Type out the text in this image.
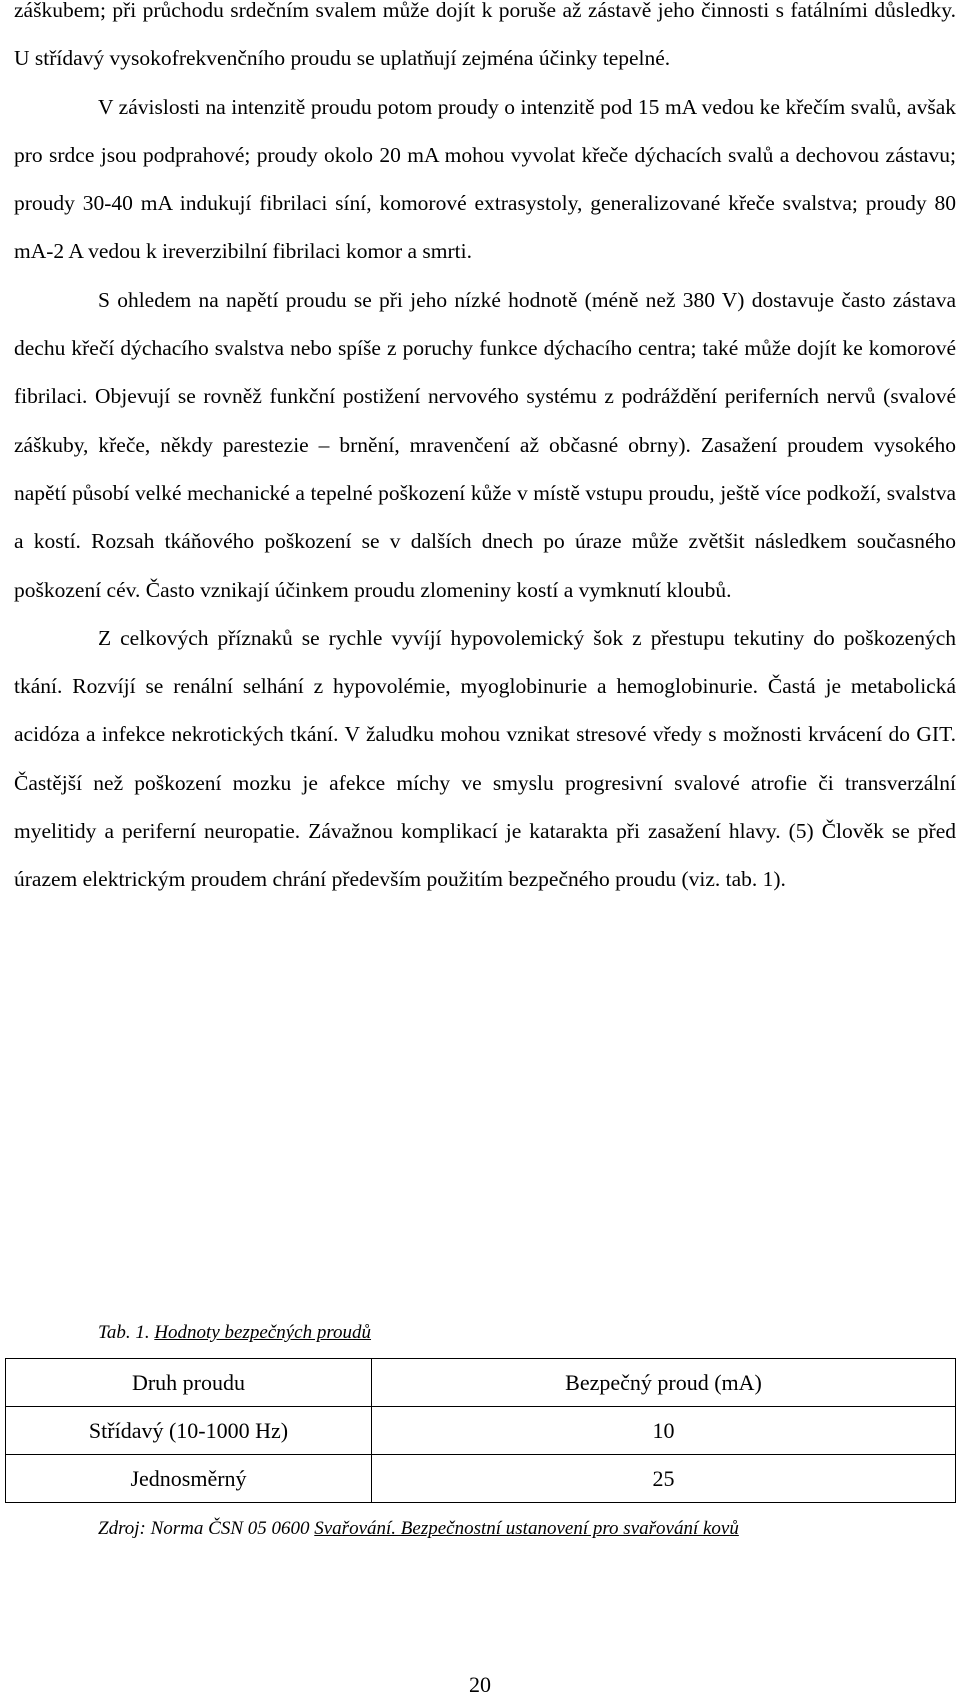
záškubem; při průchodu srdečním svalem může dojít k poruše až zástavě jeho činnosti s fatálními důsledky. U střídavý vysokofrekvenčního proudu se uplatňují zejména účinky tepelné.

V závislosti na intenzitě proudu potom proudy o intenzitě pod 15 mA vedou ke křečím svalů, avšak pro srdce jsou podprahové; proudy okolo 20 mA mohou vyvolat křeče dýchacích svalů a dechovou zástavu; proudy 30-40 mA indukují fibrilaci síní, komorové extrasystoly, generalizované křeče svalstva; proudy 80 mA-2 A vedou k ireverzibilní fibrilaci komor a smrti.

S ohledem na napětí proudu se při jeho nízké hodnotě (méně než 380 V) dostavuje často zástava dechu křečí dýchacího svalstva nebo spíše z poruchy funkce dýchacího centra; také může dojít ke komorové fibrilaci. Objevují se rovněž funkční postižení nervového systému z podráždění periferních nervů (svalové záškuby, křeče, někdy parestezie – brnění, mravenčení až občasné obrny). Zasažení proudem vysokého napětí působí velké mechanické a tepelné poškození kůže v místě vstupu proudu, ještě více podkoží, svalstva a kostí. Rozsah tkáňového poškození se v dalších dnech po úraze může zvětšit následkem současného poškození cév. Často vznikají účinkem proudu zlomeniny kostí a vymknutí kloubů.

Z celkových příznaků se rychle vyvíjí hypovolemický šok z přestupu tekutiny do poškozených tkání. Rozvíjí se renální selhání z hypovolémie, myoglobinurie a hemoglobinurie. Častá je metabolická acidóza a infekce nekrotických tkání. V žaludku mohou vznikat stresové vředy s možnosti krvácení do GIT. Častější než poškození mozku je afekce míchy ve smyslu progresivní svalové atrofie či transverzální myelitidy a periferní neuropatie. Závažnou komplikací je katarakta při zasažení hlavy. (5) Člověk se před úrazem elektrickým proudem chrání především použitím bezpečného proudu (viz. tab. 1).

Tab. 1. Hodnoty bezpečných proudů
Druh proudu	Bezpečný proud (mA)
Střídavý (10-1000 Hz)	10
Jednosměrný	25
Zdroj: Norma ČSN 05 0600 Svařování. Bezpečnostní ustanovení pro svařování kovů
20
